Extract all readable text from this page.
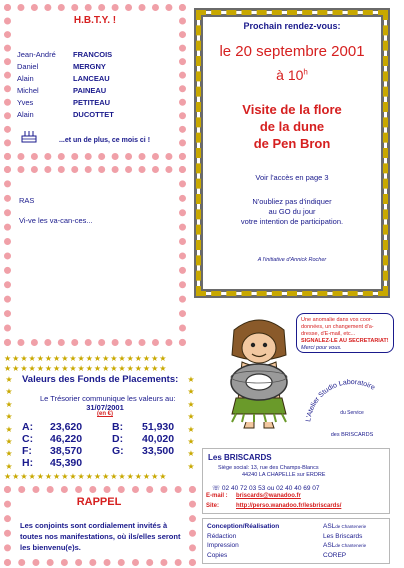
H.B.T.Y. !
Jean-André	FRANCOIS
Daniel	MERGNY
Alain	LANCEAU
Michel	PAINEAU
Yves	PETITEAU
Alain	DUCOTTET
...et un de plus, ce mois ci !
RAS
Vi-ve les va-can-ces...
Prochain rendez-vous:
le 20 septembre 2001
à 10$^h$
Visite de la flore
de la dune
de Pen Bron
Voir l'accès en page 3
N'oubliez pas d'indiquer
au GO du jour
votre intention de participation.
A l'initiative d'Annick Rocher
Une anomalie dans vos coor-
données, un changement d'a-
dresse, d'E-mail, etc...
SIGNALEZ-LE AU SECRETARIAT!
Merci pour vous.
L'Atelier Studio Laboratoire
du Service
des BRISCARDS
★★★★★★★★★★★★★★★★★★★★
★★★★★★★★★★★★★★★★★★★★
★
★
★
★
★
★
★
★
★
★
★
★
★
★
★
★
★★★★★★★★★★★★★★★★★★★★
Valeurs des Fonds de Placements:
Le Trésorier communique les valeurs au:
31/07/2001
(en €)
A: 23,620	B: 51,930
C: 46,220	D: 40,020
F: 38,570	G: 33,500
H: 45,390
RAPPEL
Les conjoints sont cordialement invités à toutes nos manifestations, où ils/elles seront les bienvenu(e)s.
Les BRISCARDS
Siège social: 13, rue des Champs-Blancs
44240 LA CHAPELLE sur ERDRE
☏ 02 40 72 03 53 ou 02 40 40 69 07
E-mail : briscards@wanadoo.fr
Site:	http://perso.wanadoo.fr/lesbriscards/
Conception/Réalisation	ASL de Chantenerie
Rédaction	Les Briscards
Impression	ASL de Chantenerie
Copies	COREP
